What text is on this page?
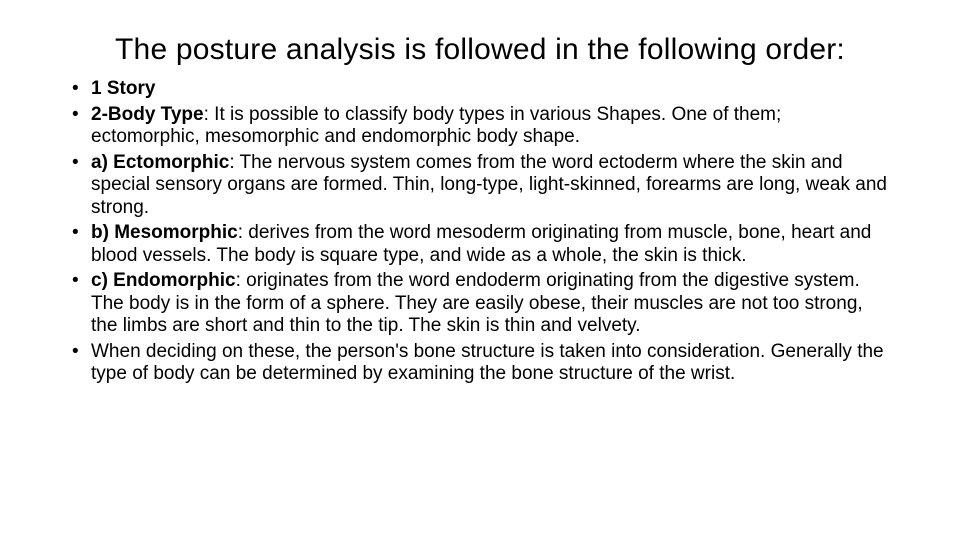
The posture analysis is followed in the following order:
• 1 Story
• 2-Body Type: It is possible to classify body types in various Shapes. One of them; ectomorphic, mesomorphic and endomorphic body shape.
• a) Ectomorphic: The nervous system comes from the word ectoderm where the skin and special sensory organs are formed. Thin, long-type, light-skinned, forearms are long, weak and strong.
• b) Mesomorphic: derives from the word mesoderm originating from muscle, bone, heart and blood vessels. The body is square type, and wide as a whole, the skin is thick.
• c) Endomorphic: originates from the word endoderm originating from the digestive system. The body is in the form of a sphere. They are easily obese, their muscles are not too strong, the limbs are short and thin to the tip. The skin is thin and velvety.
• When deciding on these, the person's bone structure is taken into consideration. Generally the type of body can be determined by examining the bone structure of the wrist.
